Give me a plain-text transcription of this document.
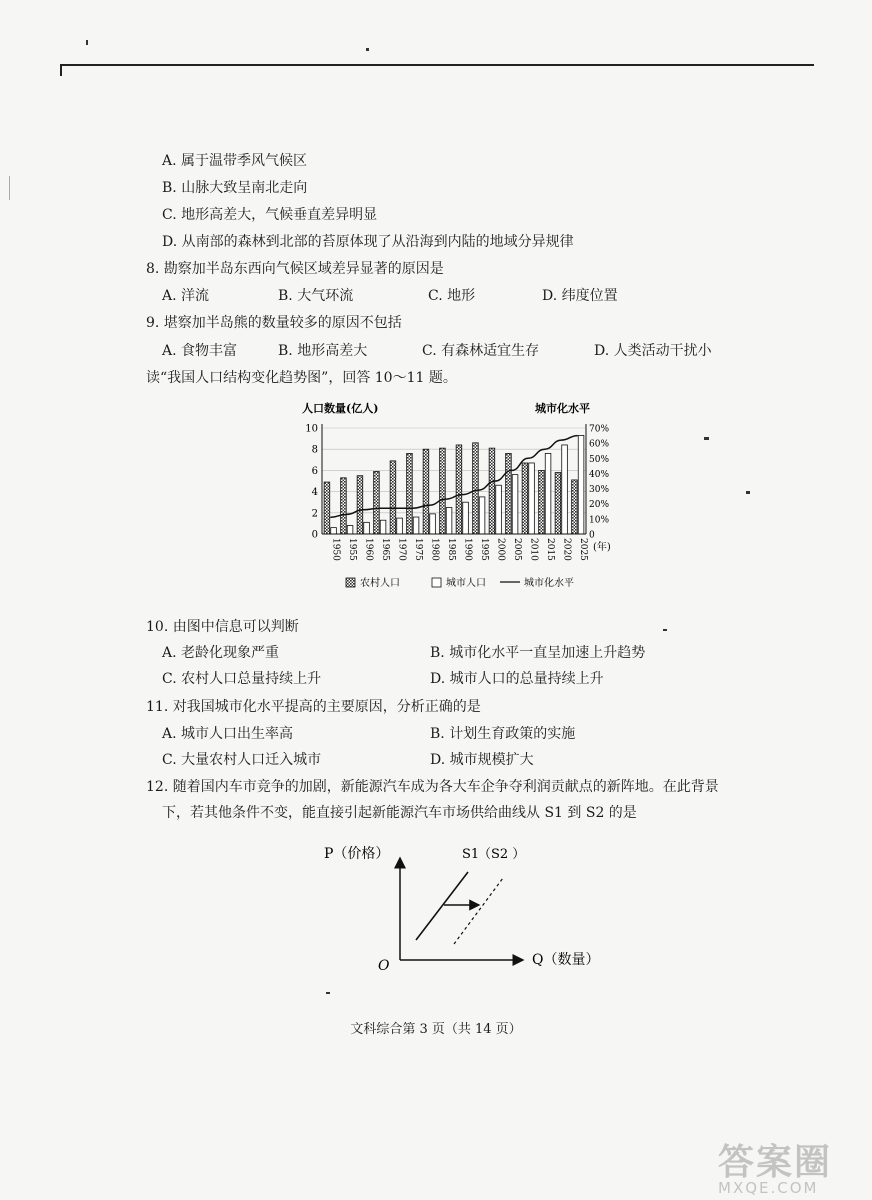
A. 属于温带季风气候区
B. 山脉大致呈南北走向
C. 地形高差大，气候垂直差异明显
D. 从南部的森林到北部的苔原体现了从沿海到内陆的地域分异规律
8. 勘察加半岛东西向气候区域差异显著的原因是
A. 洋流	B. 大气环流	C. 地形	D. 纬度位置
9. 堪察加半岛熊的数量较多的原因不包括
A. 食物丰富	B. 地形高差大	C. 有森林适宜生存	D. 人类活动干扰小
读“我国人口结构变化趋势图”，回答 10～11 题。
人口数量(亿人)	城市化水平
0
2
4
6
8
10
0
10%
20%
30%
40%
50%
60%
70%
1950 1955 1960 1965 1970 1975 1980 1985 1990 1995 2000 2005 2010 2015 2020 2025 (年)
农村人口	城市人口	城市化水平
10. 由图中信息可以判断
A. 老龄化现象严重	B. 城市化水平一直呈加速上升趋势
C. 农村人口总量持续上升	D. 城市人口的总量持续上升
11. 对我国城市化水平提高的主要原因，分析正确的是
A. 城市人口出生率高	B. 计划生育政策的实施
C. 大量农村人口迁入城市	D. 城市规模扩大
12. 随着国内车市竞争的加剧，新能源汽车成为各大车企争夺利润贡献点的新阵地。在此背景
下，若其他条件不变，能直接引起新能源汽车市场供给曲线从 S1 到 S2 的是
P（价格）
Q（数量）
O
S1
（S2 ）
文科综合第 3 页（共 14 页）
答案圈
MXQE.COM
